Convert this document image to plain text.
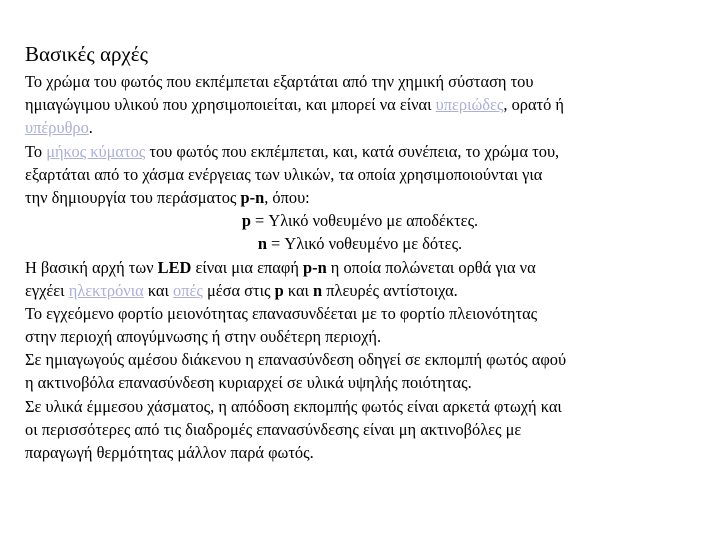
Βασικές αρχές
Το χρώμα του φωτός που εκπέμπεται εξαρτάται από την χημική σύσταση του
ημιαγώγιμου υλικού που χρησιμοποιείται, και μπορεί να είναι υπεριώδες, ορατό ή
υπέρυθρο.
Το μήκος κύματος του φωτός που εκπέμπεται, και, κατά συνέπεια, το χρώμα του,
εξαρτάται από το χάσμα ενέργειας των υλικών, τα οποία χρησιμοποιούνται για
την δημιουργία του περάσματος p-n, όπου:
p = Υλικό νοθευμένο με αποδέκτες.
n = Υλικό νοθευμένο με δότες.
Η βασική αρχή των LED είναι μια επαφή p-n η οποία πολώνεται ορθά για να
εγχέει ηλεκτρόνια και οπές μέσα στις p και n πλευρές αντίστοιχα.
Το εγχεόμενο φορτίο μειονότητας επανασυνδέεται με το φορτίο πλειονότητας
στην περιοχή απογύμνωσης ή στην ουδέτερη περιοχή.
Σε ημιαγωγούς αμέσου διάκενου η επανασύνδεση οδηγεί σε εκπομπή φωτός αφού
η ακτινοβόλα επανασύνδεση κυριαρχεί σε υλικά υψηλής ποιότητας.
Σε υλικά έμμεσου χάσματος, η απόδοση εκπομπής φωτός είναι αρκετά φτωχή και
οι περισσότερες από τις διαδρομές επανασύνδεσης είναι μη ακτινοβόλες με
παραγωγή θερμότητας μάλλον παρά φωτός.
